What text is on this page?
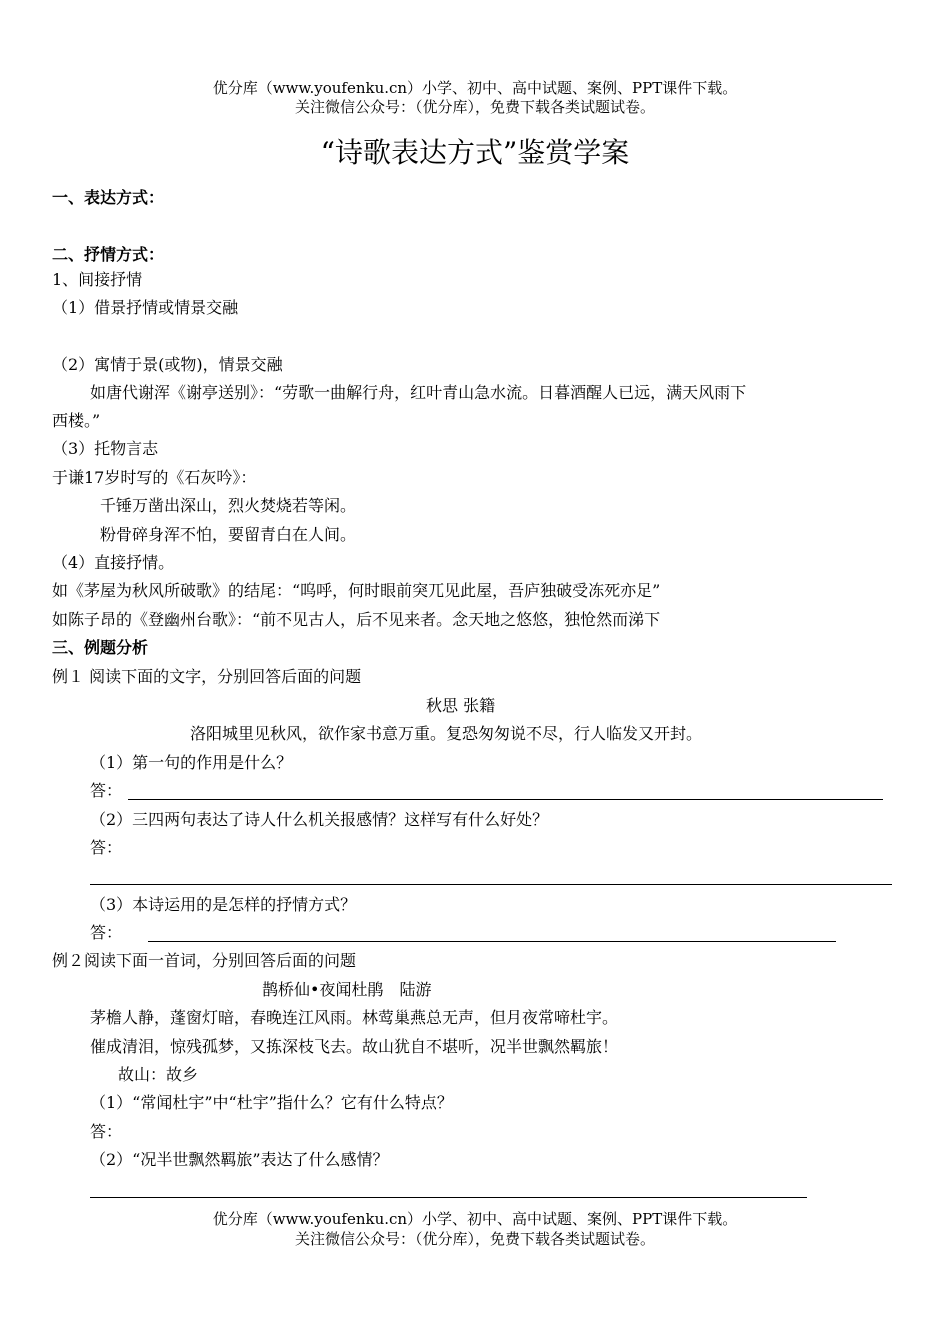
优分库（www.youfenku.cn）小学、初中、高中试题、案例、PPT课件下载。
关注微信公众号：（优分库），免费下载各类试题试卷。
“诗歌表达方式”鉴赏学案
一、表达方式：
二、抒情方式：
1、间接抒情
（1）借景抒情或情景交融
（2）寓情于景(或物)，情景交融
如唐代谢浑《谢亭送别》：“劳歌一曲解行舟，红叶青山急水流。日暮酒醒人已远，满天风雨下
西楼。”
（3）托物言志
于谦17岁时写的《石灰吟》：
千锤万凿出深山，烈火焚烧若等闲。
粉骨碎身浑不怕，要留青白在人间。
（4）直接抒情。
如《茅屋为秋风所破歌》的结尾：“呜呼，何时眼前突兀见此屋，吾庐独破受冻死亦足”
如陈子昂的《登幽州台歌》：“前不见古人，后不见来者。念天地之悠悠，独怆然而涕下
三、例题分析
例１ 阅读下面的文字，分别回答后面的问题
秋思 张籍
洛阳城里见秋风，欲作家书意万重。复恐匆匆说不尽，行人临发又开封。
（1）第一句的作用是什么？
答：
（2）三四两句表达了诗人什么机关报感情？这样写有什么好处？
答：
（3）本诗运用的是怎样的抒情方式？
答：
例２阅读下面一首词，分别回答后面的问题
鹊桥仙•夜闻杜鹃　陆游
茅檐人静，蓬窗灯暗，春晚连江风雨。林莺巢燕总无声，但月夜常啼杜宇。
催成清泪，惊残孤梦，又拣深枝飞去。故山犹自不堪听，况半世飘然羁旅！
故山：故乡
（1）“常闻杜宇”中“杜宇”指什么？它有什么特点？
答：
（2）“况半世飘然羁旅”表达了什么感情？
优分库（www.youfenku.cn）小学、初中、高中试题、案例、PPT课件下载。
关注微信公众号：（优分库），免费下载各类试题试卷。
